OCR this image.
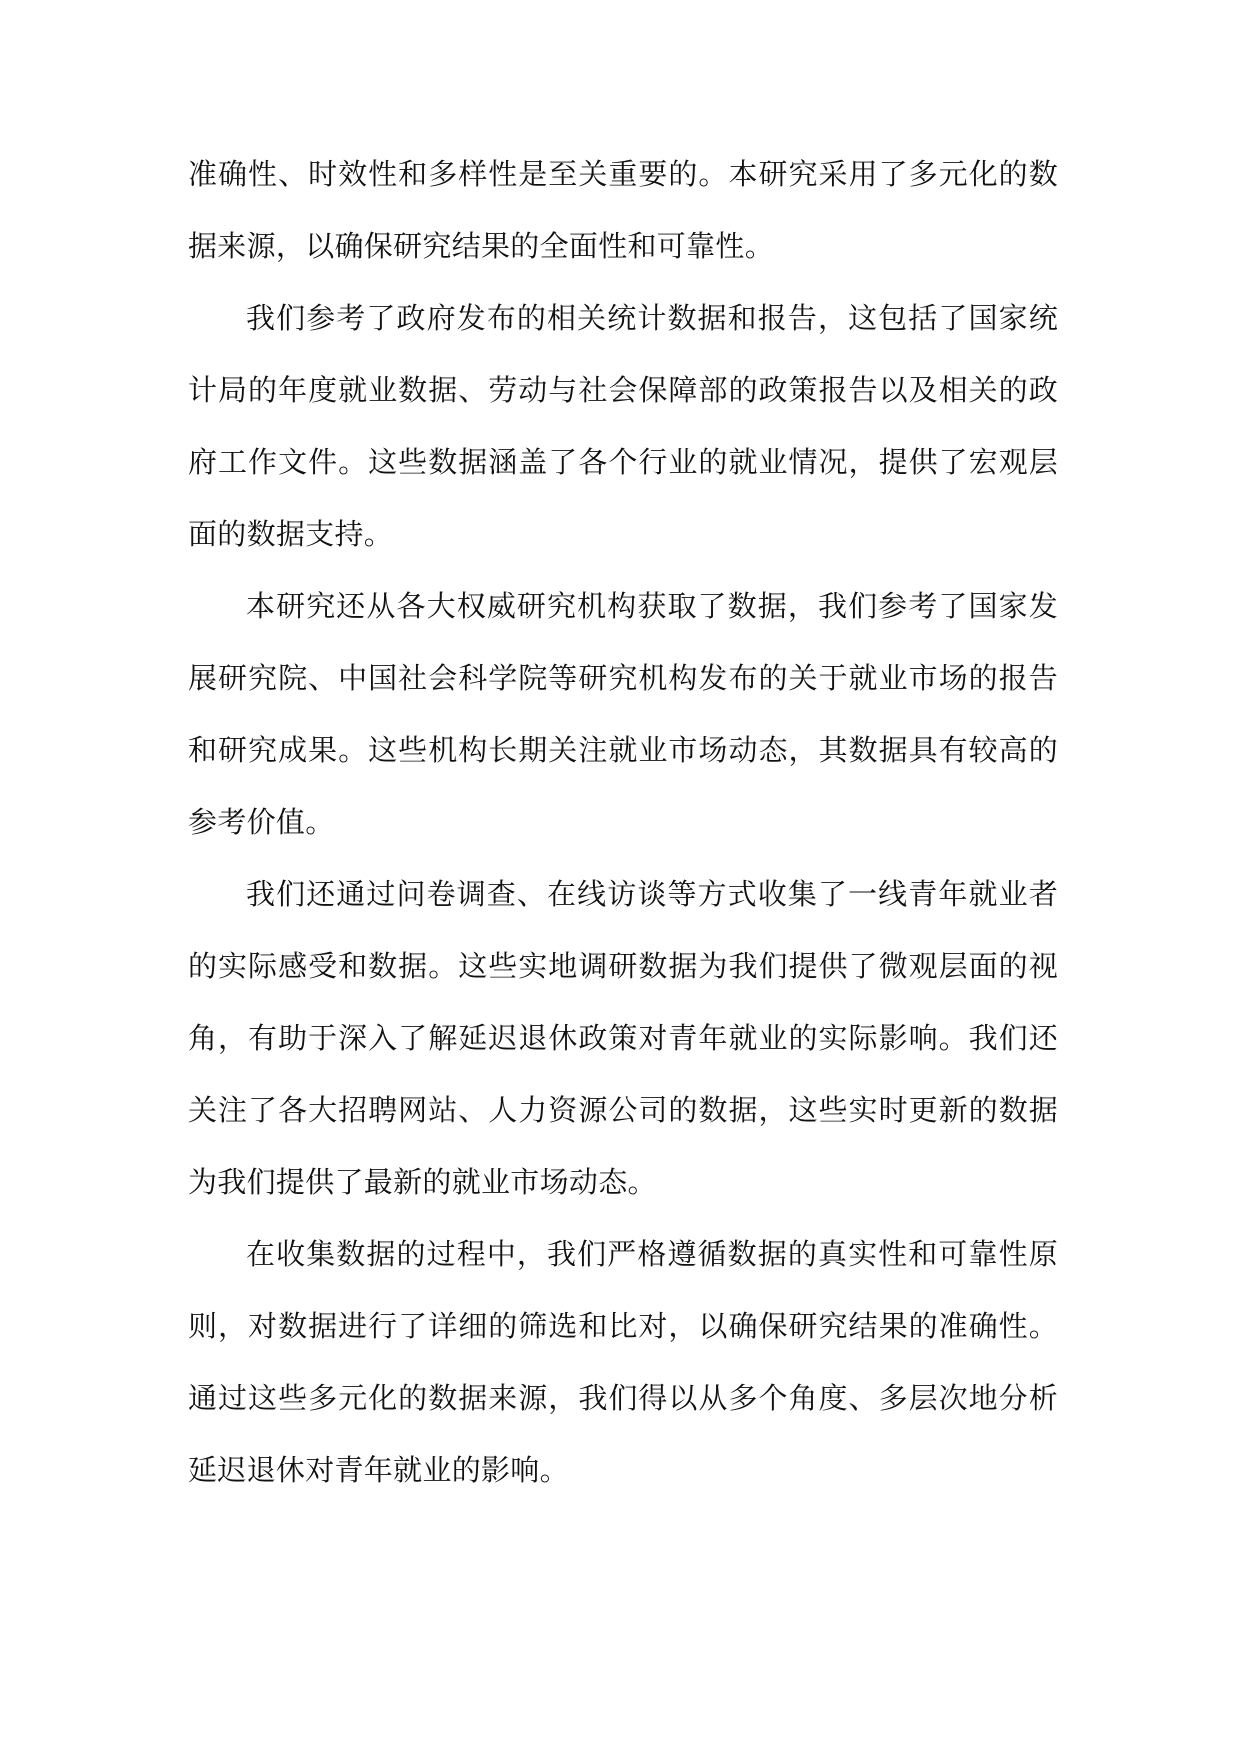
准确性、时效性和多样性是至关重要的。本研究采用了多元化的数据来源，以确保研究结果的全面性和可靠性。

我们参考了政府发布的相关统计数据和报告，这包括了国家统计局的年度就业数据、劳动与社会保障部的政策报告以及相关的政府工作文件。这些数据涵盖了各个行业的就业情况，提供了宏观层面的数据支持。

本研究还从各大权威研究机构获取了数据，我们参考了国家发展研究院、中国社会科学院等研究机构发布的关于就业市场的报告和研究成果。这些机构长期关注就业市场动态，其数据具有较高的参考价值。

我们还通过问卷调查、在线访谈等方式收集了一线青年就业者的实际感受和数据。这些实地调研数据为我们提供了微观层面的视角，有助于深入了解延迟退休政策对青年就业的实际影响。我们还关注了各大招聘网站、人力资源公司的数据，这些实时更新的数据为我们提供了最新的就业市场动态。

在收集数据的过程中，我们严格遵循数据的真实性和可靠性原则，对数据进行了详细的筛选和比对，以确保研究结果的准确性。通过这些多元化的数据来源，我们得以从多个角度、多层次地分析延迟退休对青年就业的影响。
